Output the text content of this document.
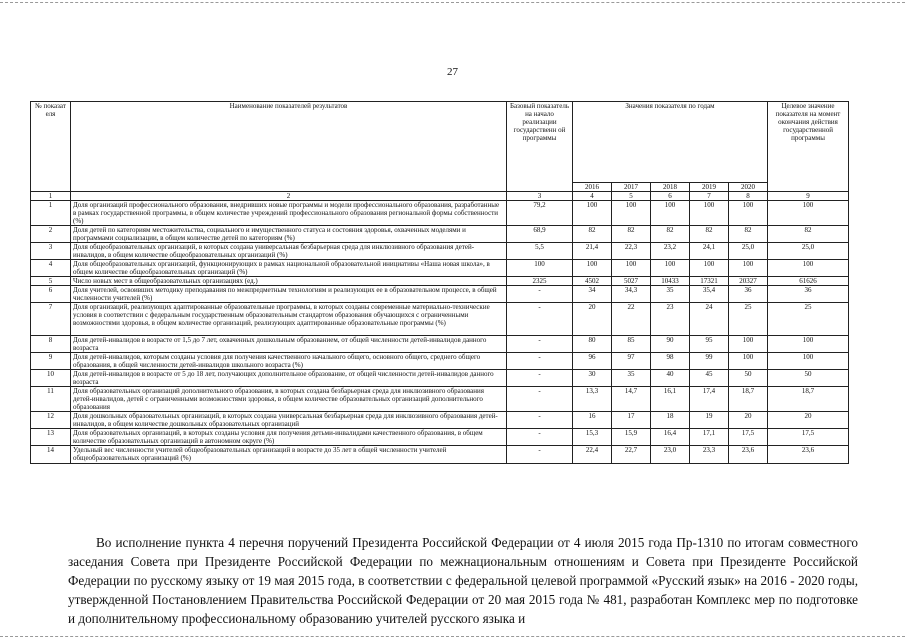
27
№ показат еля	Наименование показателей результатов	Базовый показатель на начало реализации государственн ой программы	Значения показателя по годам					Целевое значение показателя на момент окончания действия государственной программы
			2016	2017	2018	2019	2020	
1	2	3	4	5	6	7	8	9
1	Доля организаций профессионального образования, внедривших новые программы и модели профессионального образования, разработанные в рамках государственной программы, в общем количестве учреждений профессионального образования региональной формы собственности (%)	79,2	100	100	100	100	100	100
2	Доля детей по категориям местожительства, социального и имущественного статуса и состояния здоровья, охваченных моделями и программами социализации, в общем количестве детей по категориям (%)	68,9	82	82	82	82	82	82
3	Доля общеобразовательных организаций, в которых создана универсальная безбарьерная среда для инклюзивного образования детей-инвалидов, в общем количестве общеобразовательных организаций (%)	5,5	21,4	22,3	23,2	24,1	25,0	25,0
4	Доля общеобразовательных организаций, функционирующих в рамках национальной образовательной инициативы «Наша новая школа», в общем количестве общеобразовательных организаций (%)	100	100	100	100	100	100	100
5	Число новых мест в общеобразовательных организациях (ед.)	2325	4502	5027	10433	17321	20327	61626
6	Доля учителей, освоивших методику преподавания по межпредметным технологиям и реализующих ее в образовательном процессе, в общей численности учителей (%)	-	34	34,3	35	35,4	36	36
7	Доля организаций, реализующих адаптированные образовательные программы, в которых созданы современные материально-технические условия в соответствии с федеральным государственным образовательным стандартом образования обучающихся с ограниченными возможностями здоровья, в общем количестве организаций, реализующих адаптированные образовательные программы (%)	-	20	22	23	24	25	25
8	Доля детей-инвалидов в возрасте от 1,5 до 7 лет, охваченных дошкольным образованием, от общей численности детей-инвалидов данного возраста	-	80	85	90	95	100	100
9	Доля детей-инвалидов, которым созданы условия для получения качественного начального общего, основного общего, среднего общего образования, в общей численности детей-инвалидов школьного возраста (%)	-	96	97	98	99	100	100
10	Доля детей-инвалидов в возрасте от 5 до 18 лет, получающих дополнительное образование, от общей численности детей-инвалидов данного возраста	-	30	35	40	45	50	50
11	Доля образовательных организаций дополнительного образования, в которых создана безбарьерная среда для инклюзивного образования детей-инвалидов, детей с ограниченными возможностями здоровья, в общем количестве образовательных организаций дополнительного образования	-	13,3	14,7	16,1	17,4	18,7	18,7
12	Доля дошкольных образовательных организаций, в которых создана универсальная безбарьерная среда для инклюзивного образования детей-инвалидов, в общем количестве дошкольных образовательных организаций	-	16	17	18	19	20	20
13	Доля образовательных организаций, в которых созданы условия для получения детьми-инвалидами качественного образования, в общем количестве образовательных организаций в автономном округе (%)	-	15,3	15,9	16,4	17,1	17,5	17,5
14	Удельный вес численности учителей общеобразовательных организаций в возрасте до 35 лет в общей численности учителей общеобразовательных организаций (%)	-	22,4	22,7	23,0	23,3	23,6	23,6
Во исполнение пункта 4 перечня поручений Президента Российской Федерации от 4 июля 2015 года Пр-1310 по итогам совместного заседания Совета при Президенте Российской Федерации по межнациональным отношениям и Совета при Президенте Российской Федерации по русскому языку от 19 мая 2015 года, в соответствии с федеральной целевой программой «Русский язык» на 2016 - 2020 годы, утвержденной Постановлением Правительства Российской Федерации от 20 мая 2015 года № 481, разработан Комплекс мер по подготовке и дополнительному профессиональному образованию учителей русского языка и
